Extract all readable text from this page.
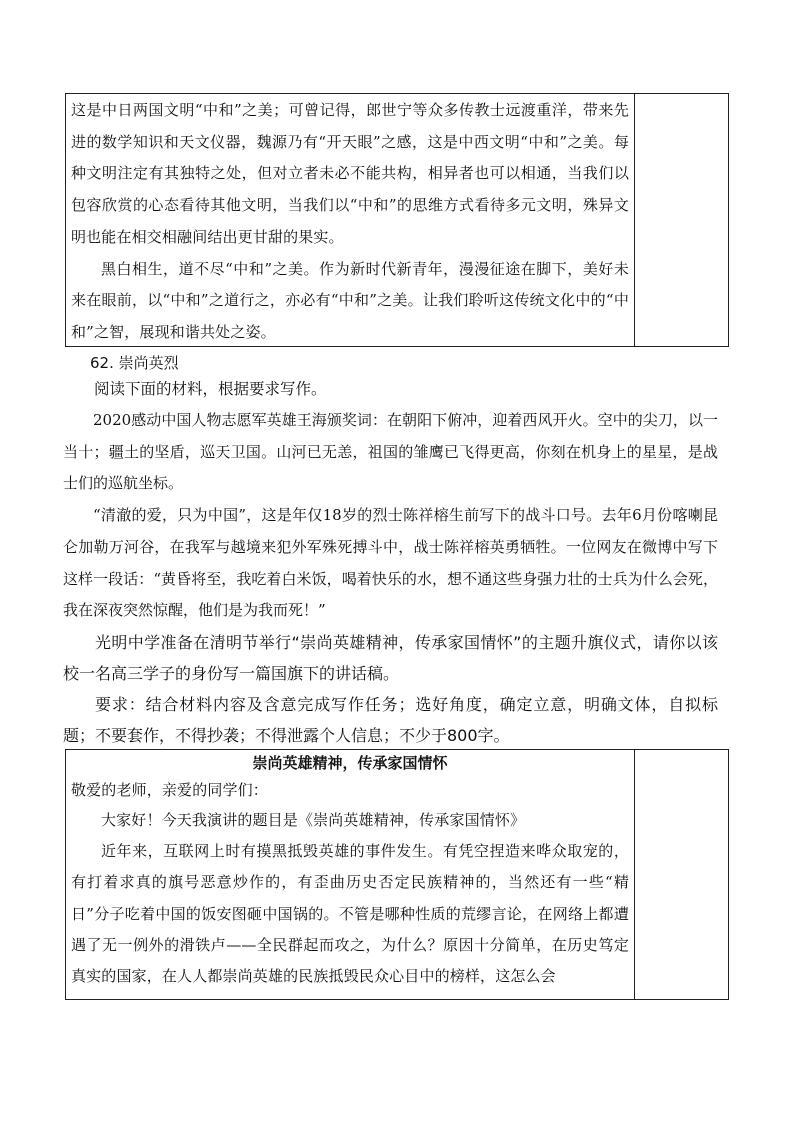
这是中日两国文明“中和”之美；可曾记得，郎世宁等众多传教士远渡重洋，带来先进的数学知识和天文仪器，魏源乃有“开天眼”之感，这是中西文明“中和”之美。每种文明注定有其独特之处，但对立者未必不能共构，相异者也可以相通，当我们以包容欣赏的心态看待其他文明，当我们以“中和”的思维方式看待多元文明，殊异文明也能在相交相融间结出更甘甜的果实。

黑白相生，道不尽“中和”之美。作为新时代新青年，漫漫征途在脚下，美好未来在眼前，以“中和”之道行之，亦必有“中和”之美。让我们聆听这传统文化中的“中和”之智，展现和谐共处之姿。

62. 崇尚英烈

阅读下面的材料，根据要求写作。

2020感动中国人物志愿军英雄王海颁奖词：在朝阳下俯冲，迎着西风开火。空中的尖刀，以一当十；疆土的坚盾，巡天卫国。山河已无恙，祖国的雏鹰已飞得更高，你刻在机身上的星星，是战士们的巡航坐标。

“清澈的爱，只为中国”，这是年仅18岁的烈士陈祥榕生前写下的战斗口号。去年6月份喀喇昆仑加勒万河谷，在我军与越境来犯外军殊死搏斗中，战士陈祥榕英勇牺牲。一位网友在微博中写下这样一段话：“黄昏将至，我吃着白米饭，喝着快乐的水，想不通这些身强力壮的士兵为什么会死，我在深夜突然惊醒，他们是为我而死！”

光明中学准备在清明节举行“崇尚英雄精神，传承家国情怀”的主题升旗仪式，请你以该校一名高三学子的身份写一篇国旗下的讲话稿。

要求：结合材料内容及含意完成写作任务；选好角度，确定立意，明确文体，自拟标题；不要套作，不得抄袭；不得泄露个人信息；不少于800字。

崇尚英雄精神，传承家国情怀

敬爱的老师，亲爱的同学们：

大家好！今天我演讲的题目是《崇尚英雄精神，传承家国情怀》

近年来，互联网上时有摸黑抵毁英雄的事件发生。有凭空捏造来哗众取宠的，有打着求真的旗号恶意炒作的，有歪曲历史否定民族精神的，当然还有一些“精日”分子吃着中国的饭安图砸中国锅的。不管是哪种性质的荒缪言论，在网络上都遭遇了无一例外的滑铁卢——全民群起而攻之，为什么？原因十分简单，在历史笃定真实的国家，在人人都崇尚英雄的民族抵毁民众心目中的榜样，这怎么会
